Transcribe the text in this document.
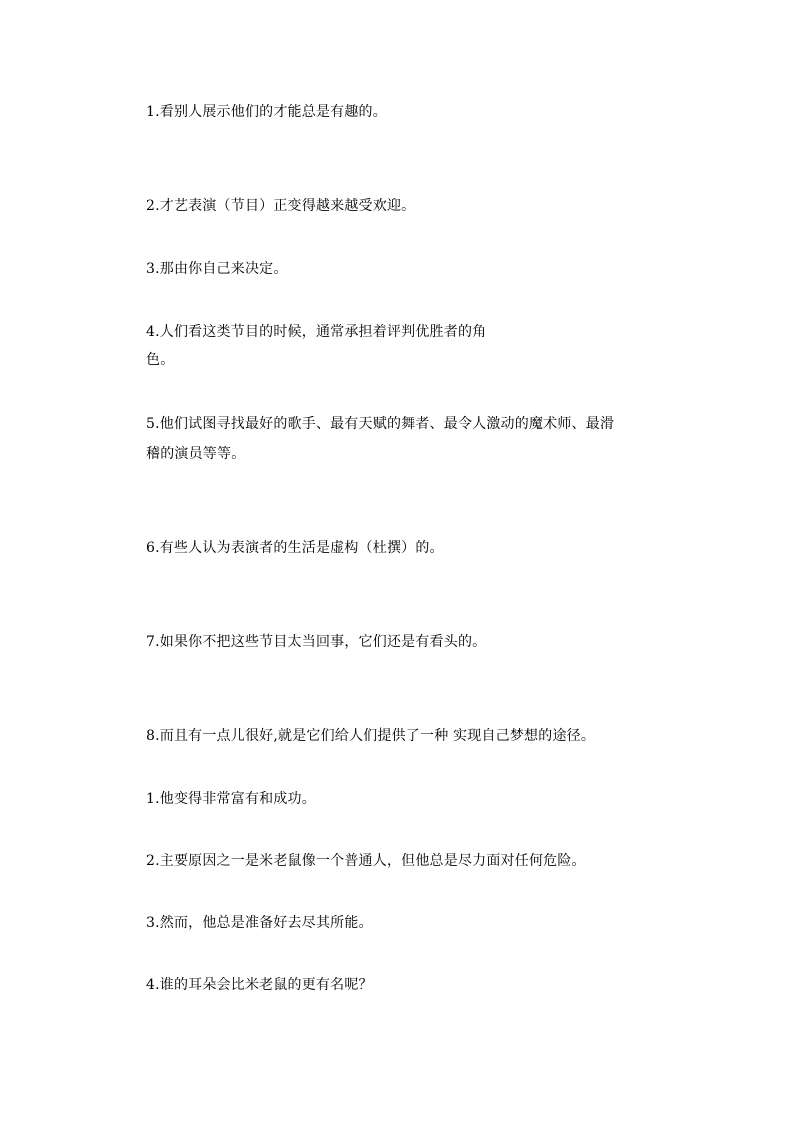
1.看别人展示他们的才能总是有趣的。
2.才艺表演（节目）正变得越来越受欢迎。
3.那由你自己来决定。
4.人们看这类节目的时候，通常承担着评判优胜者的角
色。
5.他们试图寻找最好的歌手、最有天赋的舞者、最令人激动的魔术师、最滑
稽的演员等等。
6.有些人认为表演者的生活是虚构（杜撰）的。
7.如果你不把这些节目太当回事，它们还是有看头的。
8.而且有一点儿很好,就是它们给人们提供了一种 实现自己梦想的途径。
1.他变得非常富有和成功。
2.主要原因之一是米老鼠像一个普通人，但他总是尽力面对任何危险。
3.然而，他总是准备好去尽其所能。
4.谁的耳朵会比米老鼠的更有名呢？
